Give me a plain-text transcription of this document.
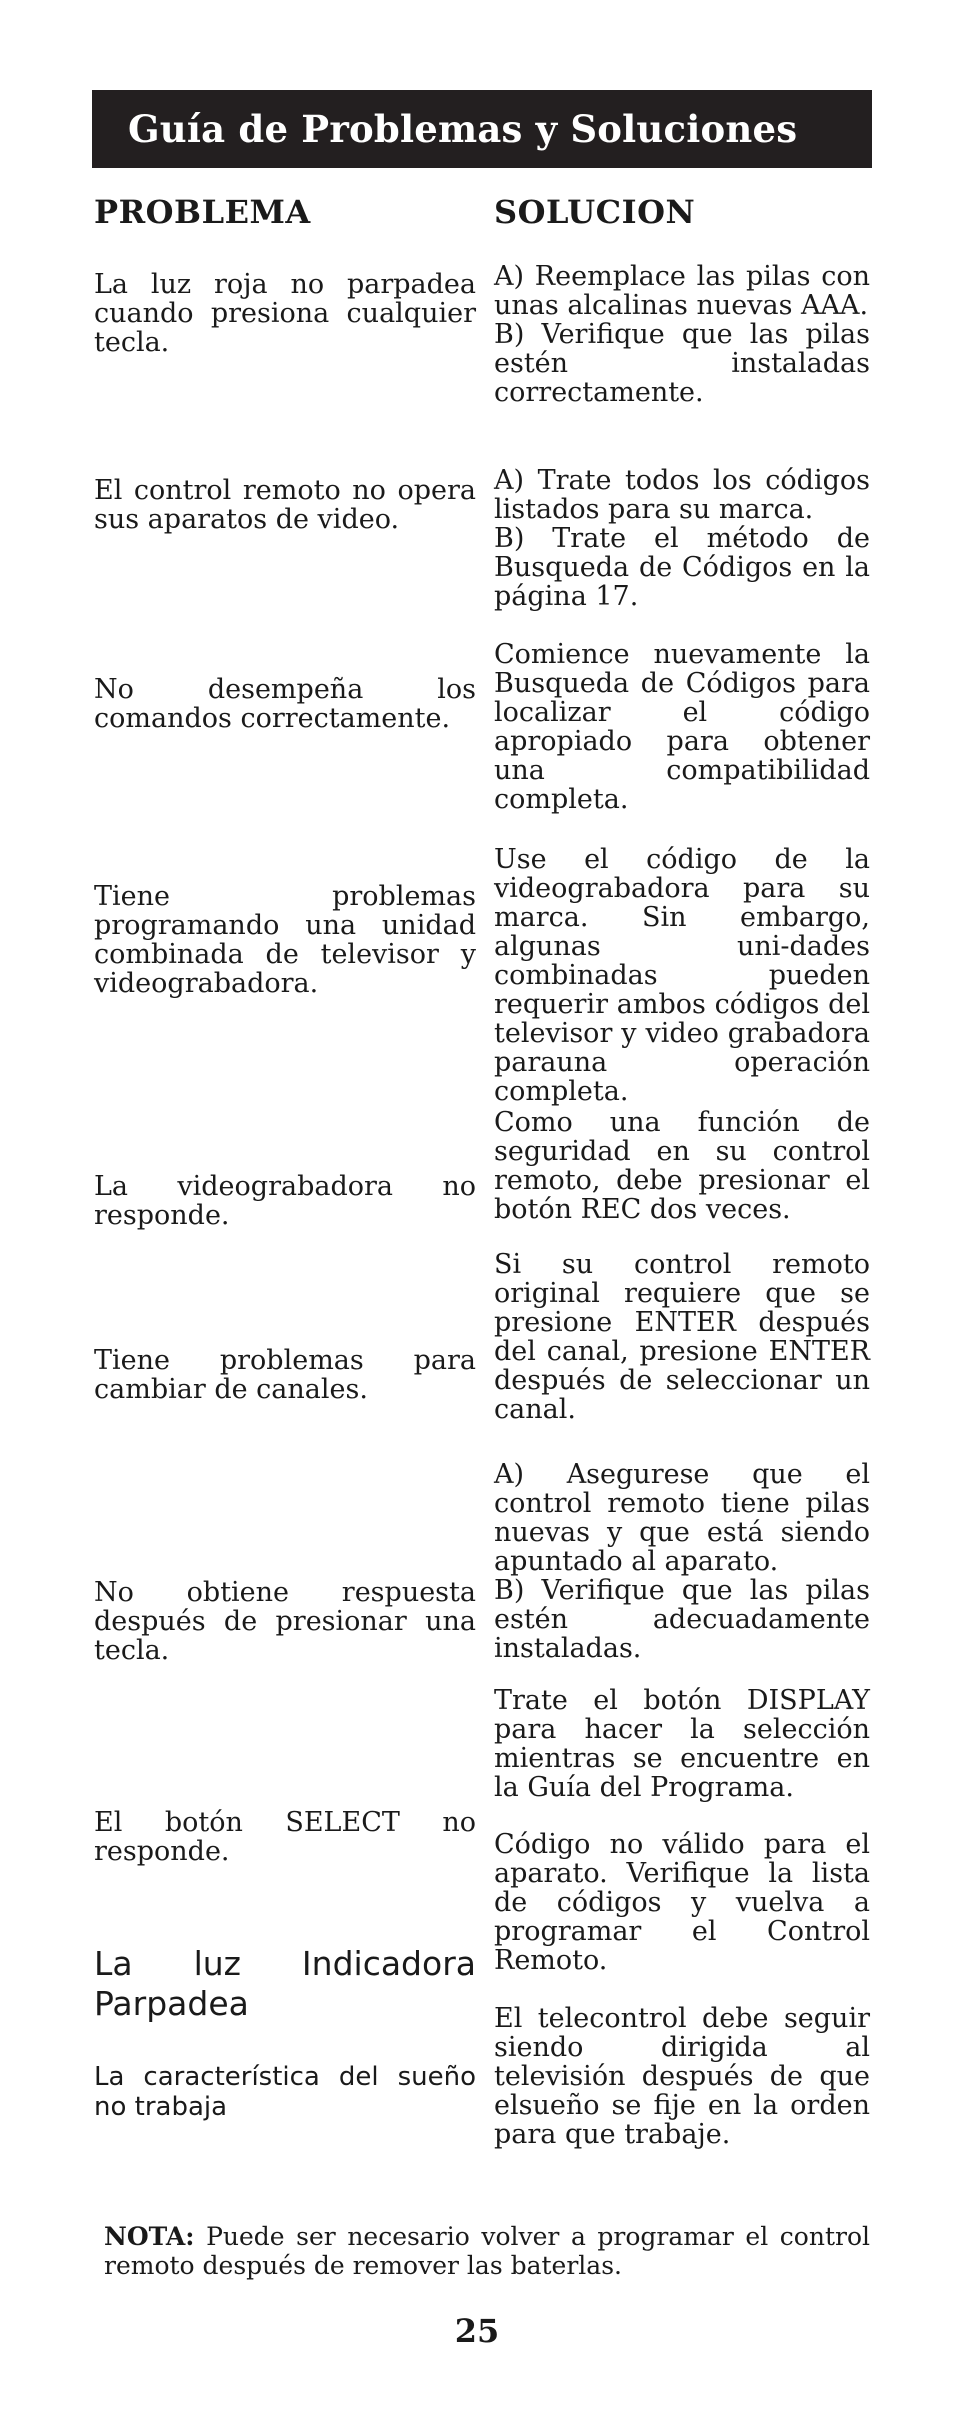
Guía de Problemas y Soluciones
PROBLEMA	SOLUCION

La luz roja no parpadea cuando presiona cualquier tecla.

A) Reemplace las pilas con unas alcalinas nuevas AAA.
B) Verifique que las pilas estén instaladas correctamente.

El control remoto no opera sus aparatos de video.

A) Trate todos los códigos listados para su marca.
B) Trate el método de Busqueda de Códigos en la página 17.

No desempeña los comandos correctamente.

Comience nuevamente la Busqueda de Códigos para localizar el código apropiado para obtener una compatibilidad completa.

Tiene problemas programando una unidad combinada de televisor y videograbadora.

Use el código de la videograbadora para su marca. Sin embargo, algunas uni-dades combinadas pueden requerir ambos códigos del televisor y video grabadora parauna operación completa.

La videograbadora no responde.

Como una función de seguridad en su control remoto, debe presionar el botón REC dos veces.

Tiene problemas para cambiar de canales.

Si su control remoto original requiere que se presione ENTER después del canal, presione ENTER después de seleccionar un canal.

No obtiene respuesta después de presionar una tecla.

A) Asegurese que el control remoto tiene pilas nuevas y que está siendo apuntado al aparato.
B) Verifique que las pilas estén adecuadamente instaladas.

El botón SELECT no responde.

Trate el botón DISPLAY para hacer la selección mientras se encuentre en la Guía del Programa.

La luz Indicadora Parpadea

Código no válido para el aparato. Verifique la lista de códigos y vuelva a programar el Control Remoto.

La característica del sueño no trabaja

El telecontrol debe seguir siendo dirigida al televisión después de que elsueño se fije en la orden para que trabaje.

NOTA: Puede ser necesario volver a programar el control remoto después de remover las baterlas.

25
